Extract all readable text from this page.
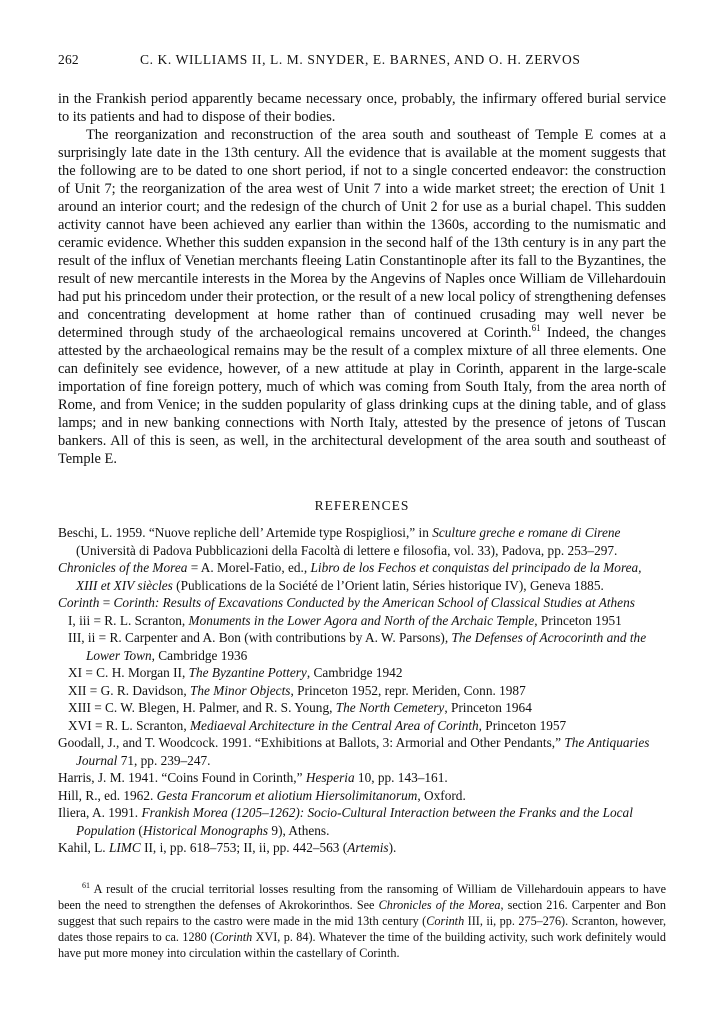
262	C. K. WILLIAMS II, L. M. SNYDER, E. BARNES, AND O. H. ZERVOS

in the Frankish period apparently became necessary once, probably, the infirmary offered burial service to its patients and had to dispose of their bodies.

The reorganization and reconstruction of the area south and southeast of Temple E comes at a surprisingly late date in the 13th century. All the evidence that is available at the moment suggests that the following are to be dated to one short period, if not to a single concerted endeavor: the construction of Unit 7; the reorganization of the area west of Unit 7 into a wide market street; the erection of Unit 1 around an interior court; and the redesign of the church of Unit 2 for use as a burial chapel. This sudden activity cannot have been achieved any earlier than within the 1360s, according to the numismatic and ceramic evidence. Whether this sudden expansion in the second half of the 13th century is in any part the result of the influx of Venetian merchants fleeing Latin Constantinople after its fall to the Byzantines, the result of new mercantile interests in the Morea by the Angevins of Naples once William de Villehardouin had put his princedom under their protection, or the result of a new local policy of strengthening defenses and concentrating development at home rather than of continued crusading may well never be determined through study of the archaeological remains uncovered at Corinth.$^{61}$ Indeed, the changes attested by the archaeological remains may be the result of a complex mixture of all three elements. One can definitely see evidence, however, of a new attitude at play in Corinth, apparent in the large-scale importation of fine foreign pottery, much of which was coming from South Italy, from the area north of Rome, and from Venice; in the sudden popularity of glass drinking cups at the dining table, and of glass lamps; and in new banking connections with North Italy, attested by the presence of jetons of Tuscan bankers. All of this is seen, as well, in the architectural development of the area south and southeast of Temple E.

REFERENCES
Beschi, L. 1959. “Nuove repliche dell’ Artemide type Rospigliosi,” in Sculture greche e romane di Cirene (Università di Padova Pubblicazioni della Facoltà di lettere e filosofia, vol. 33), Padova, pp. 253–297.
Chronicles of the Morea = A. Morel-Fatio, ed., Libro de los Fechos et conquistas del principado de la Morea, XIII et XIV siècles (Publications de la Société de l’Orient latin, Séries historique IV), Geneva 1885.
Corinth = Corinth: Results of Excavations Conducted by the American School of Classical Studies at Athens
I, iii = R. L. Scranton, Monuments in the Lower Agora and North of the Archaic Temple, Princeton 1951
III, ii = R. Carpenter and A. Bon (with contributions by A. W. Parsons), The Defenses of Acrocorinth and the Lower Town, Cambridge 1936
XI = C. H. Morgan II, The Byzantine Pottery, Cambridge 1942
XII = G. R. Davidson, The Minor Objects, Princeton 1952, repr. Meriden, Conn. 1987
XIII = C. W. Blegen, H. Palmer, and R. S. Young, The North Cemetery, Princeton 1964
XVI = R. L. Scranton, Mediaeval Architecture in the Central Area of Corinth, Princeton 1957
Goodall, J., and T. Woodcock. 1991. “Exhibitions at Ballots, 3: Armorial and Other Pendants,” The Antiquaries Journal 71, pp. 239–247.
Harris, J. M. 1941. “Coins Found in Corinth,” Hesperia 10, pp. 143–161.
Hill, R., ed. 1962. Gesta Francorum et aliotium Hiersolimitanorum, Oxford.
Iliera, A. 1991. Frankish Morea (1205–1262): Socio-Cultural Interaction between the Franks and the Local Population (Historical Monographs 9), Athens.
Kahil, L. LIMC II, i, pp. 618–753; II, ii, pp. 442–563 (Artemis).
$^{61}$ A result of the crucial territorial losses resulting from the ransoming of William de Villehardouin appears to have been the need to strengthen the defenses of Akrokorinthos. See Chronicles of the Morea, section 216. Carpenter and Bon suggest that such repairs to the castro were made in the mid 13th century (Corinth III, ii, pp. 275–276). Scranton, however, dates those repairs to ca. 1280 (Corinth XVI, p. 84). Whatever the time of the building activity, such work definitely would have put more money into circulation within the castellary of Corinth.
